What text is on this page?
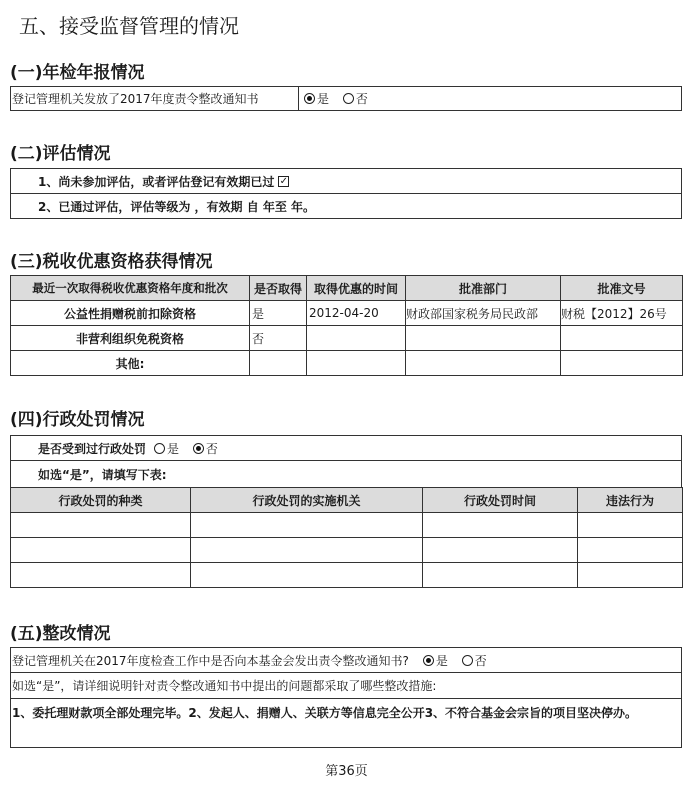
五、接受监督管理的情况
(一)年检年报情况
登记管理机关发放了2017年度责令整改通知书	是 否
(二)评估情况
1、尚未参加评估，或者评估登记有效期已过 ✓
2、已通过评估，评估等级为 ，有效期 自 年至 年。
(三)税收优惠资格获得情况
最近一次取得税收优惠资格年度和批次	是否取得	取得优惠的时间	批准部门	批准文号
公益性捐赠税前扣除资格	是	2012-04-20	财政部国家税务局民政部	财税【2012】26号
非营利组织免税资格	否			
其他:				
(四)行政处罚情况
是否受到过行政处罚	是 否
如选“是”，请填写下表:
行政处罚的种类	行政处罚的实施机关	行政处罚时间	违法行为

(五)整改情况
登记管理机关在2017年度检查工作中是否向本基金会发出责令整改通知书?	是 否
如选“是”，请详细说明针对责令整改通知书中提出的问题都采取了哪些整改措施:
1、委托理财款项全部处理完毕。2、发起人、捐赠人、关联方等信息完全公开3、不符合基金会宗旨的项目坚决停办。
第36页
